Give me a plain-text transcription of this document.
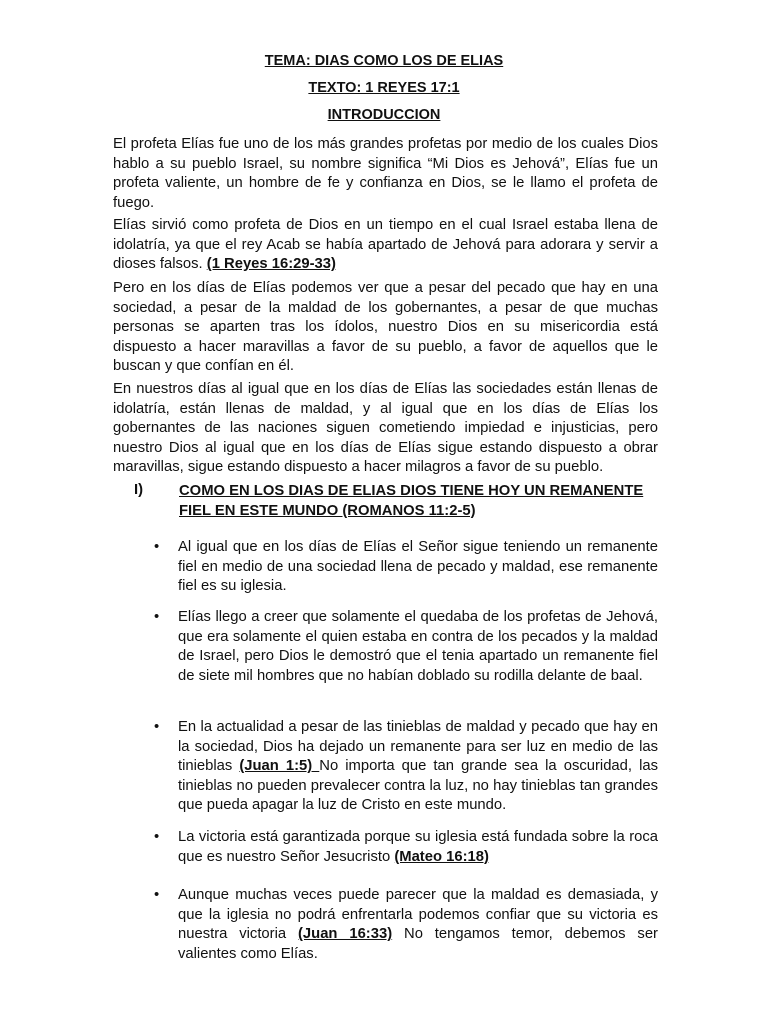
TEMA: DIAS COMO LOS DE ELIAS
TEXTO: 1 REYES 17:1
INTRODUCCION
El profeta Elías fue uno de los más grandes profetas por medio de los cuales Dios hablo a su pueblo Israel, su nombre significa “Mi Dios es Jehová”, Elías fue un profeta valiente, un hombre de fe y confianza en Dios, se le llamo el profeta de fuego.
Elías sirvió como profeta de Dios en un tiempo en el cual Israel estaba llena de idolatría, ya que el rey Acab se había apartado de Jehová para adorara y servir a dioses falsos. (1 Reyes 16:29-33)
Pero en los días de Elías podemos ver que a pesar del pecado que hay en una sociedad, a pesar de la maldad de los gobernantes, a pesar de que muchas personas se aparten tras los ídolos, nuestro Dios en su misericordia está dispuesto a hacer maravillas a favor de su pueblo, a favor de aquellos que le buscan y que confían en él.
En nuestros días al igual que en los días de Elías las sociedades están llenas de idolatría, están llenas de maldad, y al igual que en los días de Elías los gobernantes de las naciones siguen cometiendo impiedad e injusticias, pero nuestro Dios al igual que en los días de Elías sigue estando dispuesto a obrar maravillas, sigue estando dispuesto a hacer milagros a favor de su pueblo.
I) COMO EN LOS DIAS DE ELIAS DIOS TIENE HOY UN REMANENTE FIEL EN ESTE MUNDO (ROMANOS 11:2-5)
• Al igual que en los días de Elías el Señor sigue teniendo un remanente fiel en medio de una sociedad llena de pecado y maldad, ese remanente fiel es su iglesia.
• Elías llego a creer que solamente el quedaba de los profetas de Jehová, que era solamente el quien estaba en contra de los pecados y la maldad de Israel, pero Dios le demostró que el tenia apartado un remanente fiel de siete mil hombres que no habían doblado su rodilla delante de baal.
• En la actualidad a pesar de las tinieblas de maldad y pecado que hay en la sociedad, Dios ha dejado un remanente para ser luz en medio de las tinieblas (Juan 1:5) No importa que tan grande sea la oscuridad, las tinieblas no pueden prevalecer contra la luz, no hay tinieblas tan grandes que pueda apagar la luz de Cristo en este mundo.
• La victoria está garantizada porque su iglesia está fundada sobre la roca que es nuestro Señor Jesucristo (Mateo 16:18)
• Aunque muchas veces puede parecer que la maldad es demasiada, y que la iglesia no podrá enfrentarla podemos confiar que su victoria es nuestra victoria (Juan 16:33) No tengamos temor, debemos ser valientes como Elías.
